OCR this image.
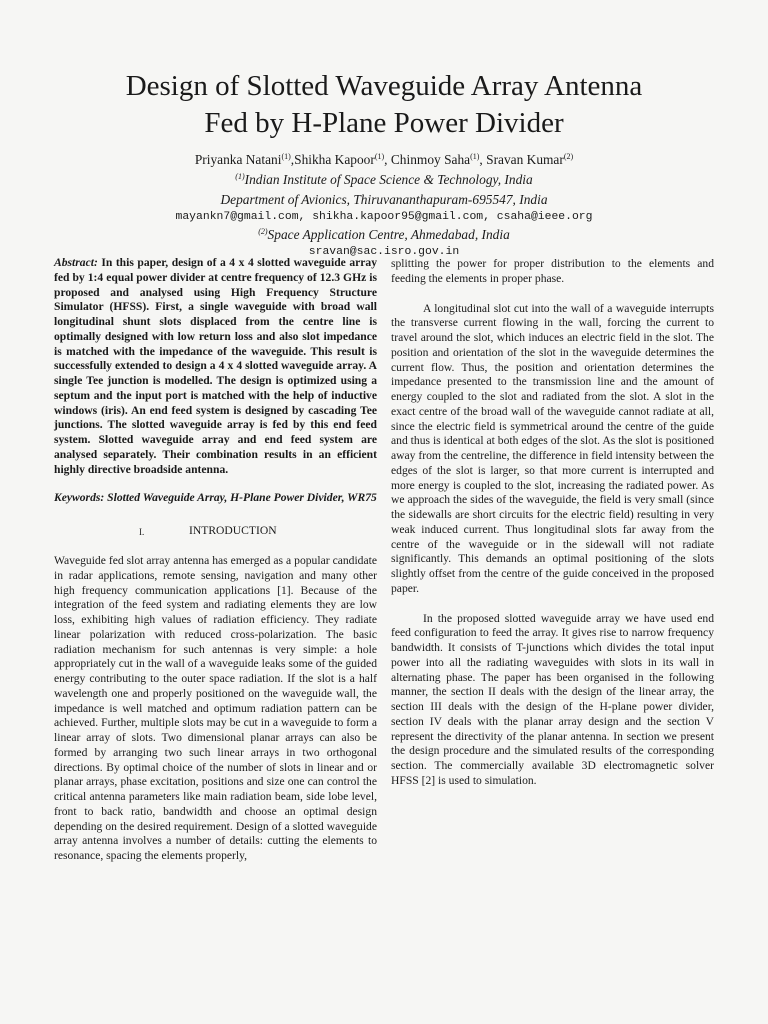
Design of Slotted Waveguide Array Antenna
Fed by H-Plane Power Divider
Priyanka Natani$^{(1)}$,Shikha Kapoor$^{(1)}$, Chinmoy Saha$^{(1)}$, Sravan Kumar$^{(2)}$
$^{(1)}$Indian Institute of Space Science & Technology, India
Department of Avionics, Thiruvananthapuram-695547, India
mayankn7@gmail.com, shikha.kapoor95@gmail.com, csaha@ieee.org
$^{(2)}$Space Application Centre, Ahmedabad, India
sravan@sac.isro.gov.in

Abstract: In this paper, design of a 4 x 4 slotted waveguide array fed by 1:4 equal power divider at centre frequency of 12.3 GHz is proposed and analysed using High Frequency Structure Simulator (HFSS). First, a single waveguide with broad wall longitudinal shunt slots displaced from the centre line is optimally designed with low return loss and also slot impedance is matched with the impedance of the waveguide. This result is successfully extended to design a 4 x 4 slotted waveguide array. A single Tee junction is modelled. The design is optimized using a septum and the input port is matched with the help of inductive windows (iris). An end feed system is designed by cascading Tee junctions. The slotted waveguide array is fed by this end feed system. Slotted waveguide array and end feed system are analysed separately. Their combination results in an efficient highly directive broadside antenna.

Keywords: Slotted Waveguide Array, H-Plane Power Divider, WR75

I.	INTRODUCTION

Waveguide fed slot array antenna has emerged as a popular candidate in radar applications, remote sensing, navigation and many other high frequency communication applications [1]. Because of the integration of the feed system and radiating elements they are low loss, exhibiting high values of radiation efficiency. They radiate linear polarization with reduced cross-polarization. The basic radiation mechanism for such antennas is very simple: a hole appropriately cut in the wall of a waveguide leaks some of the guided energy contributing to the outer space radiation. If the slot is a half wavelength one and properly positioned on the waveguide wall, the impedance is well matched and optimum radiation pattern can be achieved. Further, multiple slots may be cut in a waveguide to form a linear array of slots. Two dimensional planar arrays can also be formed by arranging two such linear arrays in two orthogonal directions. By optimal choice of the number of slots in linear and or planar arrays, phase excitation, positions and size one can control the critical antenna parameters like main radiation beam, side lobe level, front to back ratio, bandwidth and choose an optimal design depending on the desired requirement. Design of a slotted waveguide array antenna involves a number of details: cutting the elements to resonance, spacing the elements properly,

splitting the power for proper distribution to the elements and feeding the elements in proper phase.

A longitudinal slot cut into the wall of a waveguide interrupts the transverse current flowing in the wall, forcing the current to travel around the slot, which induces an electric field in the slot. The position and orientation of the slot in the waveguide determines the current flow. Thus, the position and orientation determines the impedance presented to the transmission line and the amount of energy coupled to the slot and radiated from the slot. A slot in the exact centre of the broad wall of the waveguide cannot radiate at all, since the electric field is symmetrical around the centre of the guide and thus is identical at both edges of the slot. As the slot is positioned away from the centreline, the difference in field intensity between the edges of the slot is larger, so that more current is interrupted and more energy is coupled to the slot, increasing the radiated power. As we approach the sides of the waveguide, the field is very small (since the sidewalls are short circuits for the electric field) resulting in very weak induced current. Thus longitudinal slots far away from the centre of the waveguide or in the sidewall will not radiate significantly. This demands an optimal positioning of the slots slightly offset from the centre of the guide conceived in the proposed paper.

In the proposed slotted waveguide array we have used end feed configuration to feed the array. It gives rise to narrow frequency bandwidth. It consists of T-junctions which divides the total input power into all the radiating waveguides with slots in its wall in alternating phase. The paper has been organised in the following manner, the section II deals with the design of the linear array, the section III deals with the design of the H-plane power divider, section IV deals with the planar array design and the section V represent the directivity of the planar antenna. In section we present the design procedure and the simulated results of the corresponding section. The commercially available 3D electromagnetic solver HFSS [2] is used to simulation.
